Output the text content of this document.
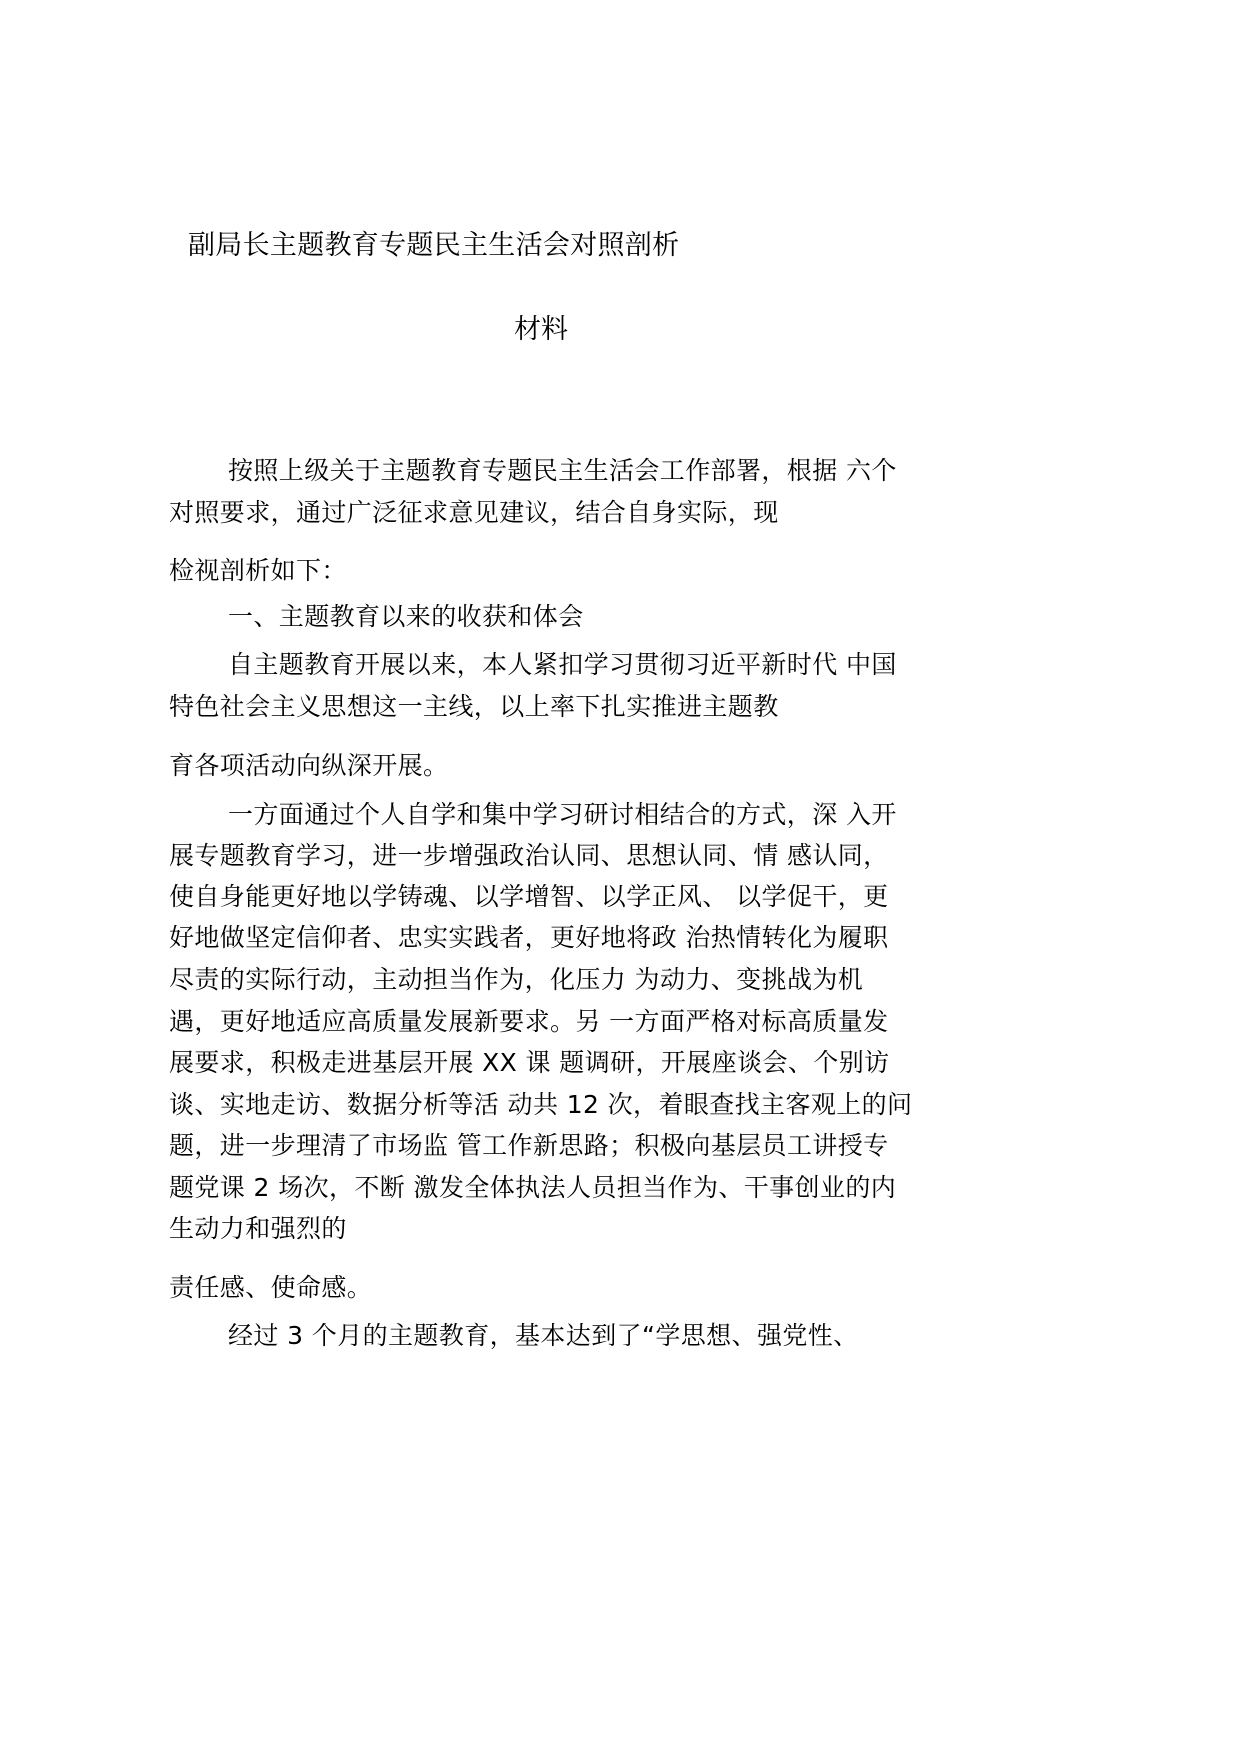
副局长主题教育专题民主生活会对照剖析
材料
按照上级关于主题教育专题民主生活会工作部署，根据 六个
对照要求，通过广泛征求意见建议，结合自身实际，现
检视剖析如下：
一、主题教育以来的收获和体会
自主题教育开展以来，本人紧扣学习贯彻习近平新时代 中国
特色社会主义思想这一主线，以上率下扎实推进主题教
育各项活动向纵深开展。
一方面通过个人自学和集中学习研讨相结合的方式，深 入开
展专题教育学习，进一步增强政治认同、思想认同、情 感认同，
使自身能更好地以学铸魂、以学增智、以学正风、 以学促干，更
好地做坚定信仰者、忠实实践者，更好地将政 治热情转化为履职
尽责的实际行动，主动担当作为，化压力 为动力、变挑战为机
遇，更好地适应高质量发展新要求。另 一方面严格对标高质量发
展要求，积极走进基层开展 XX 课 题调研，开展座谈会、个别访
谈、实地走访、数据分析等活 动共 12 次，着眼查找主客观上的问
题，进一步理清了市场监 管工作新思路；积极向基层员工讲授专
题党课 2 场次，不断 激发全体执法人员担当作为、干事创业的内
生动力和强烈的
责任感、使命感。
经过 3 个月的主题教育，基本达到了“学思想、强党性、
